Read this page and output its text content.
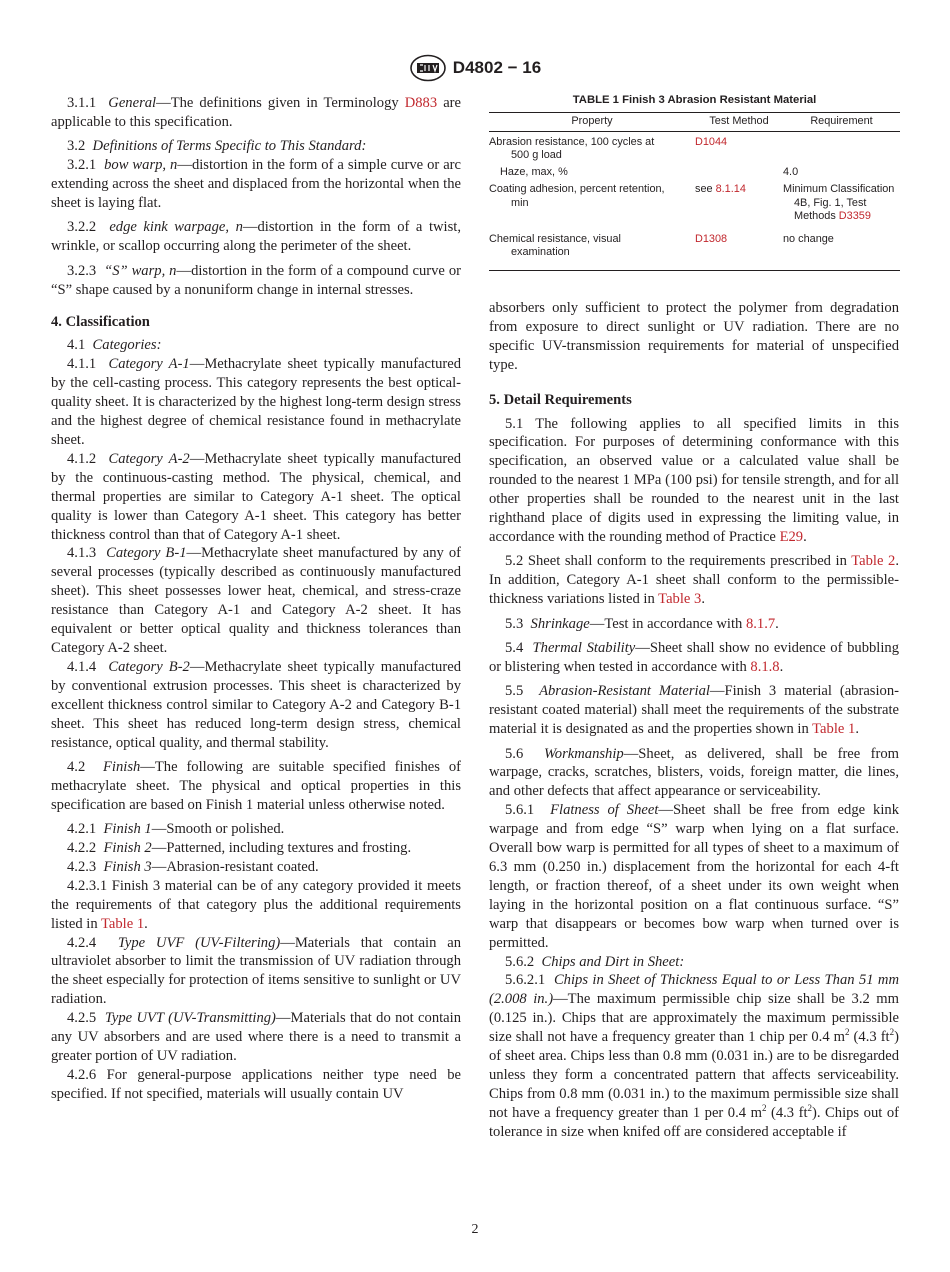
D4802 − 16

3.1.1 General—The definitions given in Terminology D883 are applicable to this specification.

3.2 Definitions of Terms Specific to This Standard:

3.2.1 bow warp, n—distortion in the form of a simple curve or arc extending across the sheet and displaced from the horizontal when the sheet is laying flat.

3.2.2 edge kink warpage, n—distortion in the form of a twist, wrinkle, or scallop occurring along the perimeter of the sheet.

3.2.3 “S” warp, n—distortion in the form of a compound curve or “S” shape caused by a nonuniform change in internal stresses.

4. Classification

4.1 Categories:

4.1.1 Category A-1—Methacrylate sheet typically manufactured by the cell-casting process. This category represents the best optical-quality sheet. It is characterized by the highest long-term design stress and the highest degree of chemical resistance found in methacrylate sheet.

4.1.2 Category A-2—Methacrylate sheet typically manufactured by the continuous-casting method. The physical, chemical, and thermal properties are similar to Category A-1 sheet. The optical quality is lower than Category A-1 sheet. This category has better thickness control than that of Category A-1 sheet.

4.1.3 Category B-1—Methacrylate sheet manufactured by any of several processes (typically described as continuously manufactured sheet). This sheet possesses lower heat, chemical, and stress-craze resistance than Category A-1 and Category A-2 sheet. It has equivalent or better optical quality and thickness tolerances than Category A-2 sheet.

4.1.4 Category B-2—Methacrylate sheet typically manufactured by conventional extrusion processes. This sheet is characterized by excellent thickness control similar to Category A-2 and Category B-1 sheet. This sheet has reduced long-term design stress, chemical resistance, optical quality, and thermal stability.

4.2 Finish—The following are suitable specified finishes of methacrylate sheet. The physical and optical properties in this specification are based on Finish 1 material unless otherwise noted.

4.2.1 Finish 1—Smooth or polished.

4.2.2 Finish 2—Patterned, including textures and frosting.

4.2.3 Finish 3—Abrasion-resistant coated.

4.2.3.1 Finish 3 material can be of any category provided it meets the requirements of that category plus the additional requirements listed in Table 1.

4.2.4 Type UVF (UV-Filtering)—Materials that contain an ultraviolet absorber to limit the transmission of UV radiation through the sheet especially for protection of items sensitive to sunlight or UV radiation.

4.2.5 Type UVT (UV-Transmitting)—Materials that do not contain any UV absorbers and are used where there is a need to transmit a greater portion of UV radiation.

4.2.6 For general-purpose applications neither type need be specified. If not specified, materials will usually contain UV

TABLE 1 Finish 3 Abrasion Resistant Material
Property	Test Method	Requirement
Abrasion resistance, 100 cycles at
500 g load	D1044	
Haze, max, %		4.0
Coating adhesion, percent retention,
min	see 8.1.14	Minimum Classification
4B, Fig. 1, Test
Methods D3359
Chemical resistance, visual
examination	D1308	no change

absorbers only sufficient to protect the polymer from degradation from exposure to direct sunlight or UV radiation. There are no specific UV-transmission requirements for material of unspecified type.

5. Detail Requirements

5.1 The following applies to all specified limits in this specification. For purposes of determining conformance with this specification, an observed value or a calculated value shall be rounded to the nearest 1 MPa (100 psi) for tensile strength, and for all other properties shall be rounded to the nearest unit in the last righthand place of digits used in expressing the limiting value, in accordance with the rounding method of Practice E29.

5.2 Sheet shall conform to the requirements prescribed in Table 2. In addition, Category A-1 sheet shall conform to the permissible-thickness variations listed in Table 3.

5.3 Shrinkage—Test in accordance with 8.1.7.

5.4 Thermal Stability—Sheet shall show no evidence of bubbling or blistering when tested in accordance with 8.1.8.

5.5 Abrasion-Resistant Material—Finish 3 material (abrasion-resistant coated material) shall meet the requirements of the substrate material it is designated as and the properties shown in Table 1.

5.6 Workmanship—Sheet, as delivered, shall be free from warpage, cracks, scratches, blisters, voids, foreign matter, die lines, and other defects that affect appearance or serviceability.

5.6.1 Flatness of Sheet—Sheet shall be free from edge kink warpage and from edge “S” warp when lying on a flat surface. Overall bow warp is permitted for all types of sheet to a maximum of 6.3 mm (0.250 in.) displacement from the horizontal for each 4-ft length, or fraction thereof, of a sheet under its own weight when laying in the horizontal position on a flat continuous surface. “S” warp that disappears or becomes bow warp when turned over is permitted.

5.6.2 Chips and Dirt in Sheet:

5.6.2.1 Chips in Sheet of Thickness Equal to or Less Than 51 mm (2.008 in.)—The maximum permissible chip size shall be 3.2 mm (0.125 in.). Chips that are approximately the maximum permissible size shall not have a frequency greater than 1 chip per 0.4 $m^2$ (4.3 $ft^2$) of sheet area. Chips less than 0.8 mm (0.031 in.) are to be disregarded unless they form a concentrated pattern that affects serviceability. Chips from 0.8 mm (0.031 in.) to the maximum permissible size shall not have a frequency greater than 1 per 0.4 $m^2$ (4.3 $ft^2$). Chips out of tolerance in size when knifed off are considered acceptable if

2
